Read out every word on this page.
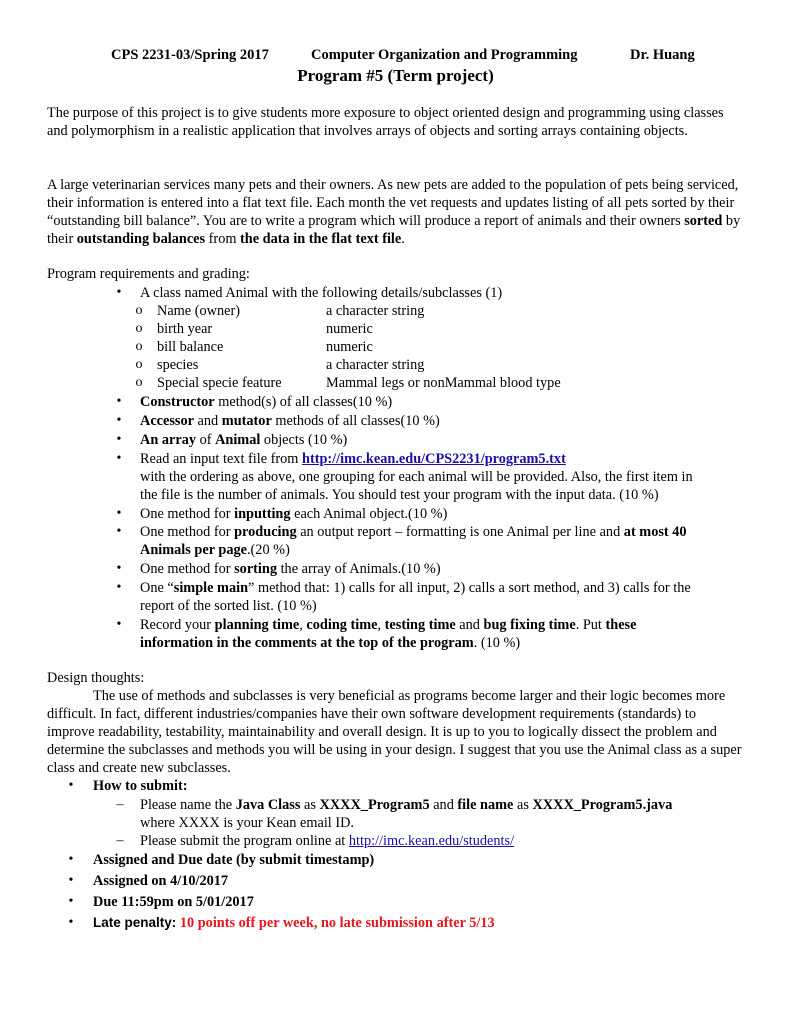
CPS 2231-03/Spring 2017	Computer Organization and Programming	Dr. Huang
Program #5 (Term project)
The purpose of this project is to give students more exposure to object oriented design and programming using classes and polymorphism in a realistic application that involves arrays of objects and sorting arrays containing objects.
A large veterinarian services many pets and their owners. As new pets are added to the population of pets being serviced, their information is entered into a flat text file. Each month the vet requests and updates listing of all pets sorted by their “outstanding bill balance”. You are to write a program which will produce a report of animals and their owners sorted by their outstanding balances from the data in the flat text file.
Program requirements and grading:
• A class named Animal with the following details/subclasses (1)
o Name (owner)	a character string
o birth year	numeric
o bill balance	numeric
o species	a character string
o Special specie feature	Mammal legs or nonMammal blood type
• Constructor method(s) of all classes(10 %)
• Accessor and mutator methods of all classes(10 %)
• An array of Animal objects (10 %)
• Read an input text file from http://imc.kean.edu/CPS2231/program5.txt
with the ordering as above, one grouping for each animal will be provided. Also, the first item in
the file is the number of animals. You should test your program with the input data. (10 %)
• One method for inputting each Animal object.(10 %)
• One method for producing an output report – formatting is one Animal per line and at most 40
Animals per page.(20 %)
• One method for sorting the array of Animals.(10 %)
• One “simple main” method that: 1) calls for all input, 2) calls a sort method, and 3) calls for the
report of the sorted list. (10 %)
• Record your planning time, coding time, testing time and bug fixing time. Put these
information in the comments at the top of the program. (10 %)
Design thoughts:
The use of methods and subclasses is very beneficial as programs become larger and their logic becomes more difficult. In fact, different industries/companies have their own software development requirements (standards) to improve readability, testability, maintainability and overall design. It is up to you to logically dissect the problem and determine the subclasses and methods you will be using in your design. I suggest that you use the Animal class as a super class and create new subclasses.
• How to submit:
– Please name the Java Class as XXXX_Program5 and file name as XXXX_Program5.java
where XXXX is your Kean email ID.
– Please submit the program online at http://imc.kean.edu/students/
• Assigned and Due date (by submit timestamp)
• Assigned on 4/10/2017
• Due 11:59pm on 5/01/2017
• Late penalty: 10 points off per week, no late submission after 5/13
